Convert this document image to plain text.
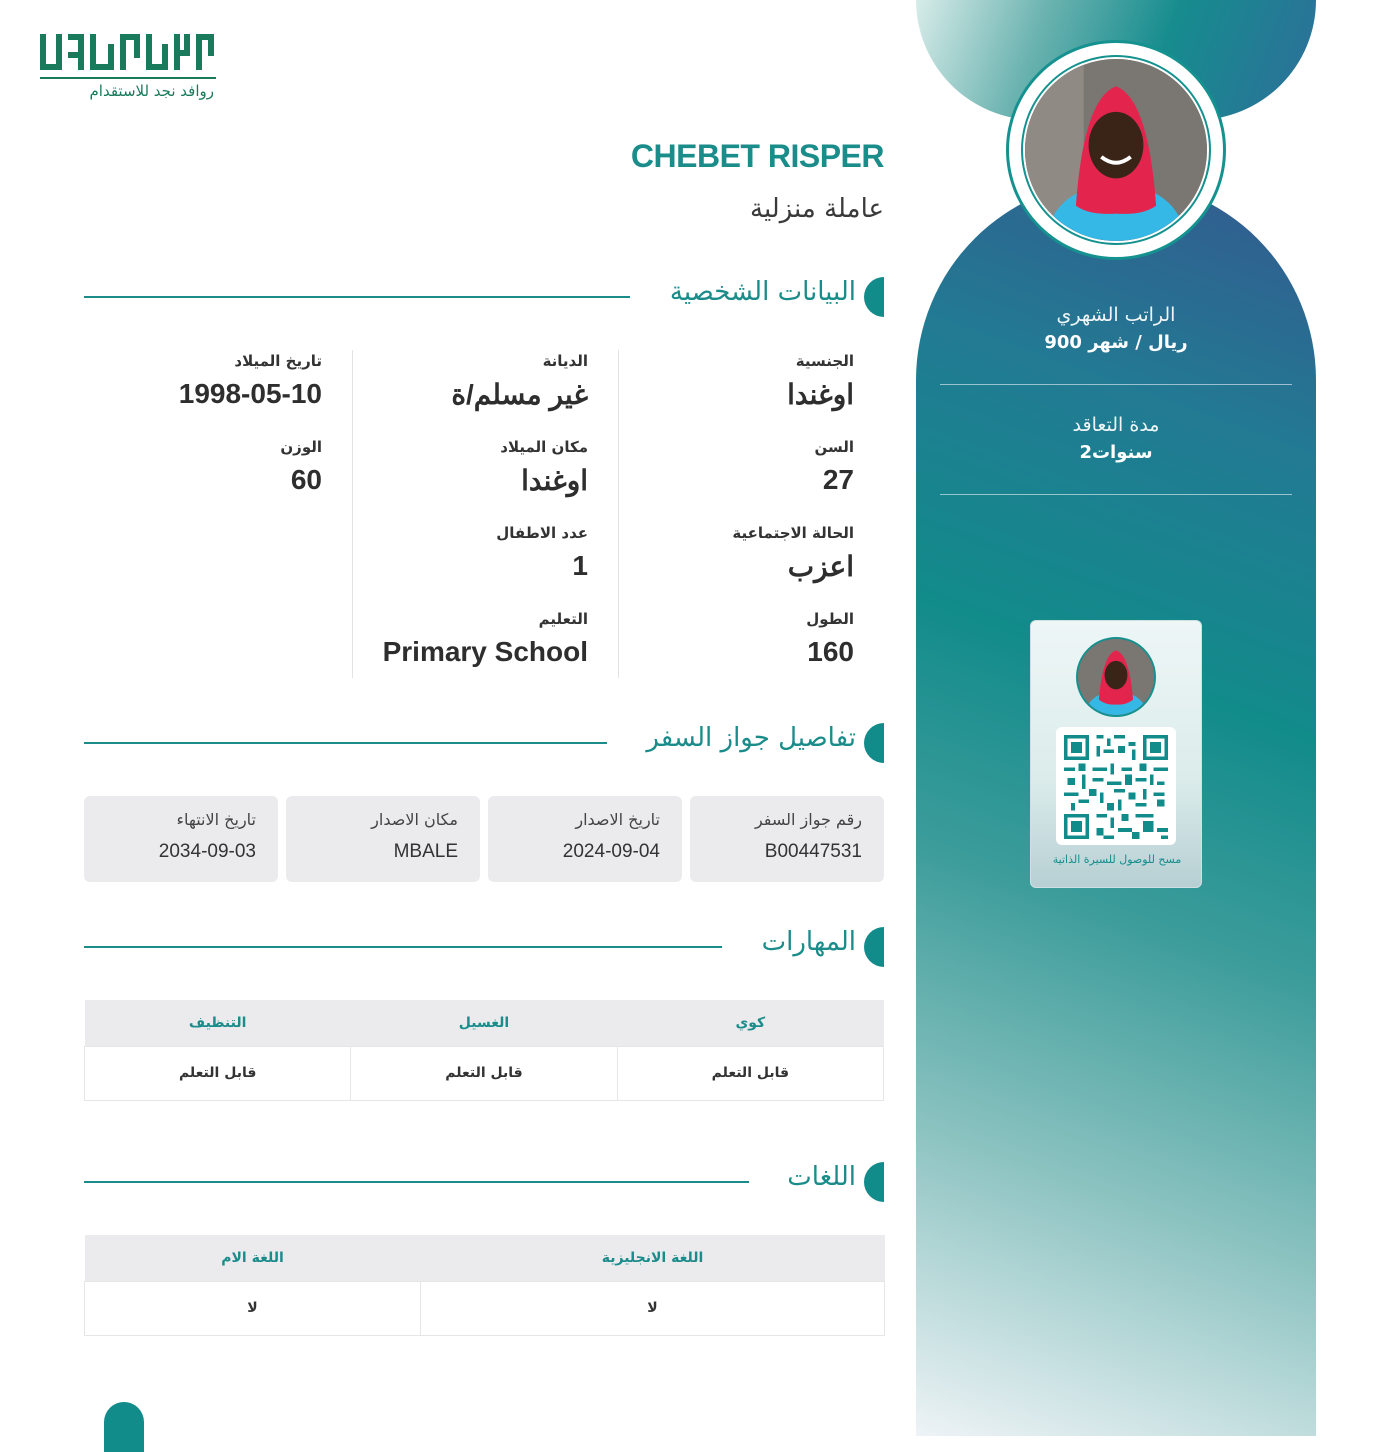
الراتب الشهري
900 ريال / شهر
مدة التعاقد
2سنوات
مسح للوصول للسيرة الذاتية
روافد نجد للاستقدام
CHEBET RISPER
عاملة منزلية
البيانات الشخصية
الجنسية
اوغندا
السن
27
الحالة الاجتماعية
اعزب
الطول
160
الديانة
غير مسلم/ة
مكان الميلاد
اوغندا
عدد الاطفال
1
التعليم
Primary School
تاريخ الميلاد
1998-05-10
الوزن
60
تفاصيل جواز السفر
رقم جواز السفر
B00447531
تاريخ الاصدار
2024-09-04
مكان الاصدار
MBALE
تاريخ الانتهاء
2034-09-03
المهارات
كوي	الغسيل	التنظيف
قابل التعلم	قابل التعلم	قابل التعلم
اللغات
اللغة الانجليزية	اللغة الام
لا	لا
